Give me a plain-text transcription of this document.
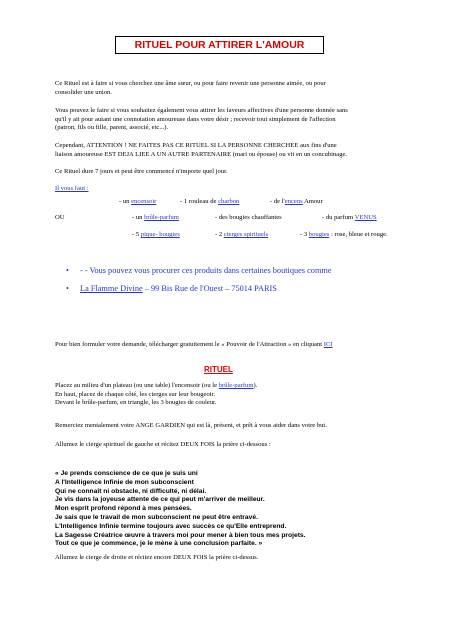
RITUEL POUR ATTIRER L'AMOUR
Ce Rituel est à faire si vous cherchez une âme sœur, ou pour faire revenir une personne aimée, ou pour
consolider une union.
Vous pouvez le faire si vous souhaitez également vous attirer les faveurs affectives d'une personne donnée sans
qu'il y ait pour autant une connotation amoureuse dans votre désir ; recevoir tout simplement de l'affection
(patron, fils ou fille, parent, associé, etc...).
Cependant, ATTENTION ! NE FAITES PAS CE RITUEL SI LA PERSONNE CHERCHEE aux fins d'une
liaison amoureuse EST DEJA LIEE A UN AUTRE PARTENAIRE (mari ou épouse) ou vit en un concubinage.
Ce Rituel dure 7 jours et peut être commencé n'importe quel jour.
Il vous faut :
- un encensoir	- 1 rouleau de charbon	- de l'encens Amour
OU	- un brûle-parfum	- des bougies chauffantes	- du parfum VENUS
- 5 pique- bougies	- 2 cierges spirituels	- 3 bougies : rose, bleue et rouge.
• - - Vous pouvez vous procurer ces produits dans certaines boutiques comme
• La Flamme Divine – 99 Bis Rue de l'Ouest – 75014 PARIS
Pour bien formuler votre demande, télécharger gratuitement le « Pouvoir de l'Attraction » en cliquant ICI
RITUEL
Placez au milieu d'un plateau (ou une table) l'encensoir (ou le brûle-parfum).
En haut, placez de chaque côté, les cierges sur leur bougeoir.
Devant le brûle-parfum, en triangle, les 3 bougies de couleur.
Remerciez mentalement votre ANGE GARDIEN qui est là, présent, et prêt à vous aider dans votre but.
Allumez le cierge spirituel de gauche et récitez DEUX FOIS la prière ci-dessous :
« Je prends conscience de ce que je suis uni
A l'Intelligence Infinie de mon subconscient
Qui ne connaît ni obstacle, ni difficulté, ni délai.
Je vis dans la joyeuse attente de ce qui peut m'arriver de meilleur.
Mon esprit profond répond à mes pensées.
Je sais que le travail de mon subconscient ne peut être entravé.
L'Intelligence Infinie termine toujours avec succès ce qu'Elle entreprend.
La Sagesse Créatrice œuvre à travers moi pour mener à bien tous mes projets.
Tout ce que je commence, je le mène à une conclusion parfaite. »
Allumez le cierge de droite et récitez encore DEUX FOIS la prière ci-dessus.
